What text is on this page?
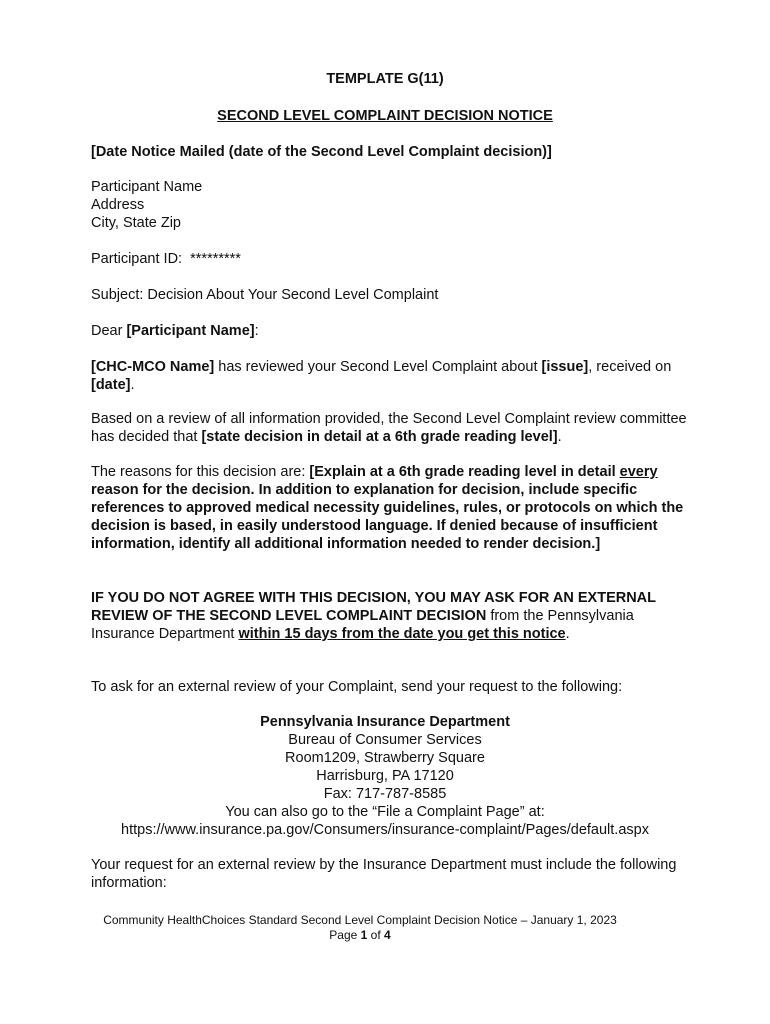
TEMPLATE G(11)

SECOND LEVEL COMPLAINT DECISION NOTICE

[Date Notice Mailed (date of the Second Level Complaint decision)]

Participant Name
Address
City, State Zip

Participant ID: *********

Subject: Decision About Your Second Level Complaint

Dear [Participant Name]:

[CHC-MCO Name] has reviewed your Second Level Complaint about [issue], received on [date].

Based on a review of all information provided, the Second Level Complaint review committee has decided that [state decision in detail at a 6th grade reading level].

The reasons for this decision are: [Explain at a 6th grade reading level in detail every reason for the decision. In addition to explanation for decision, include specific references to approved medical necessity guidelines, rules, or protocols on which the decision is based, in easily understood language. If denied because of insufficient information, identify all additional information needed to render decision.]

IF YOU DO NOT AGREE WITH THIS DECISION, YOU MAY ASK FOR AN EXTERNAL REVIEW OF THE SECOND LEVEL COMPLAINT DECISION from the Pennsylvania Insurance Department within 15 days from the date you get this notice.

To ask for an external review of your Complaint, send your request to the following:

Pennsylvania Insurance Department
Bureau of Consumer Services
Room1209, Strawberry Square
Harrisburg, PA 17120
Fax: 717-787-8585
You can also go to the “File a Complaint Page” at:
https://www.insurance.pa.gov/Consumers/insurance-complaint/Pages/default.aspx

Your request for an external review by the Insurance Department must include the following information:

Community HealthChoices Standard Second Level Complaint Decision Notice – January 1, 2023
Page 1 of 4
